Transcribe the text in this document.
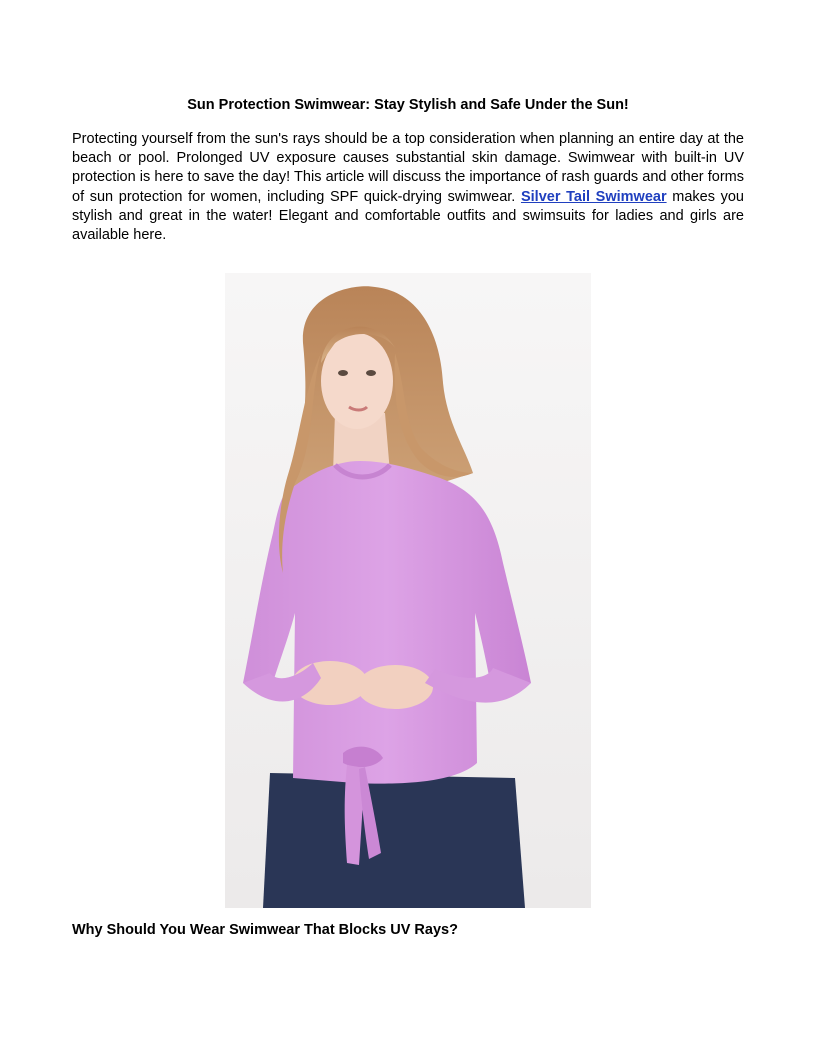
Sun Protection Swimwear: Stay Stylish and Safe Under the Sun!

Protecting yourself from the sun's rays should be a top consideration when planning an entire day at the beach or pool. Prolonged UV exposure causes substantial skin damage. Swimwear with built-in UV protection is here to save the day! This article will discuss the importance of rash guards and other forms of sun protection for women, including SPF quick-drying swimwear. Silver Tail Swimwear makes you stylish and great in the water! Elegant and comfortable outfits and swimsuits for ladies and girls are available here.

Why Should You Wear Swimwear That Blocks UV Rays?
